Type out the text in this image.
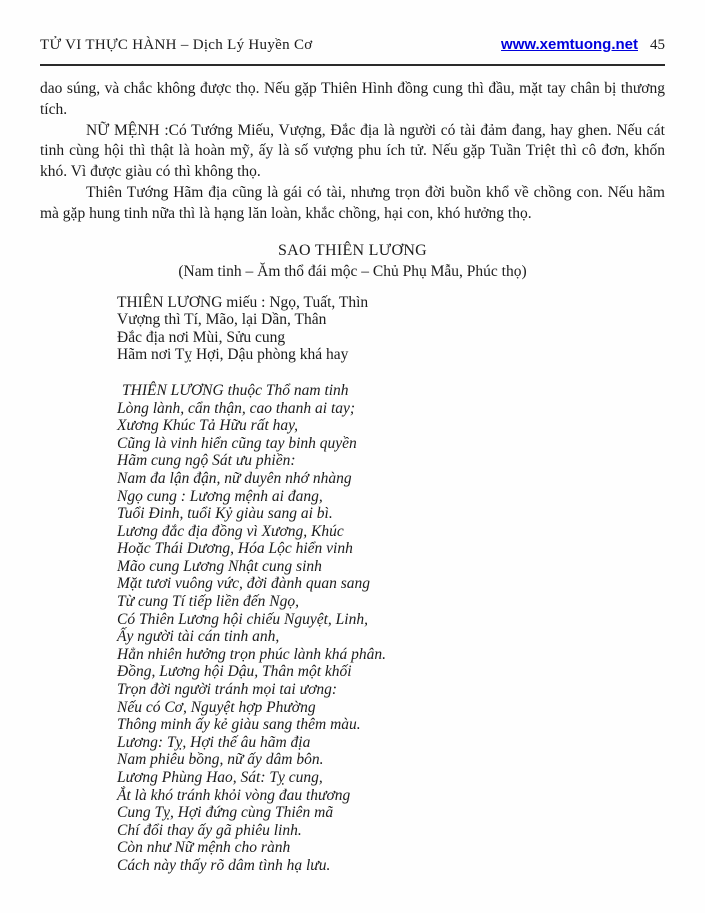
TỬ VI THỰC HÀNH – Dịch Lý Huyền Cơ	www.xemtuong.net 45

dao súng, và chắc không được thọ. Nếu gặp Thiên Hình đồng cung thì đầu, mặt tay chân bị thương tích.

NỮ MỆNH :Có Tướng Miếu, Vượng, Đắc địa là người có tài đảm đang, hay ghen. Nếu cát tinh cùng hội thì thật là hoàn mỹ, ấy là số vượng phu ích tử. Nếu gặp Tuần Triệt thì cô đơn, khốn khó. Vì được giàu có thì không thọ.

Thiên Tướng Hãm địa cũng là gái có tài, nhưng trọn đời buồn khổ về chồng con. Nếu hãm mà gặp hung tinh nữa thì là hạng lăn loàn, khắc chồng, hại con, khó hưởng thọ.

SAO THIÊN LƯƠNG
(Nam tinh – Ăm thổ đái mộc – Chủ Phụ Mẫu, Phúc thọ)
THIÊN LƯƠNG miếu : Ngọ, Tuất, Thìn
Vượng thì Tí, Mão, lại Dần, Thân
Đắc địa nơi Mùi, Sửu cung
Hãm nơi Tỵ Hợi, Dậu phòng khá hay
THIÊN LƯƠNG thuộc Thổ nam tinh
Lòng lành, cẩn thận, cao thanh ai tay;
Xương Khúc Tả Hữu rất hay,
Cũng là vinh hiển cũng tay binh quyền
Hãm cung ngộ Sát ưu phiền:
Nam đa lận đận, nữ duyên nhớ nhàng
Ngọ cung : Lương mệnh ai đang,
Tuổi Đinh, tuổi Kỷ giàu sang ai bì.
Lương đắc địa đồng vì Xương, Khúc
Hoặc Thái Dương, Hóa Lộc hiển vinh
Mão cung Lương Nhật cung sinh
Mặt tươi vuông vức, đời đành quan sang
Từ cung Tí tiếp liền đến Ngọ,
Có Thiên Lương hội chiếu Nguyệt, Linh,
Ấy người tài cán tinh anh,
Hẳn nhiên hưởng trọn phúc lành khá phân.
Đồng, Lương hội Dậu, Thân một khối
Trọn đời người tránh mọi tai ương:
Nếu có Cơ, Nguyệt hợp Phường
Thông minh ấy kẻ giàu sang thêm màu.
Lương: Tỵ, Hợi thế âu hãm địa
Nam phiêu bồng, nữ ấy dâm bôn.
Lương Phùng Hao, Sát: Tỵ cung,
Ắt là khó tránh khỏi vòng đau thương
Cung Tỵ, Hợi đứng cùng Thiên mã
Chí đổi thay ấy gã phiêu linh.
Còn như Nữ mệnh cho rành
Cách này thấy rõ dâm tình hạ lưu.
